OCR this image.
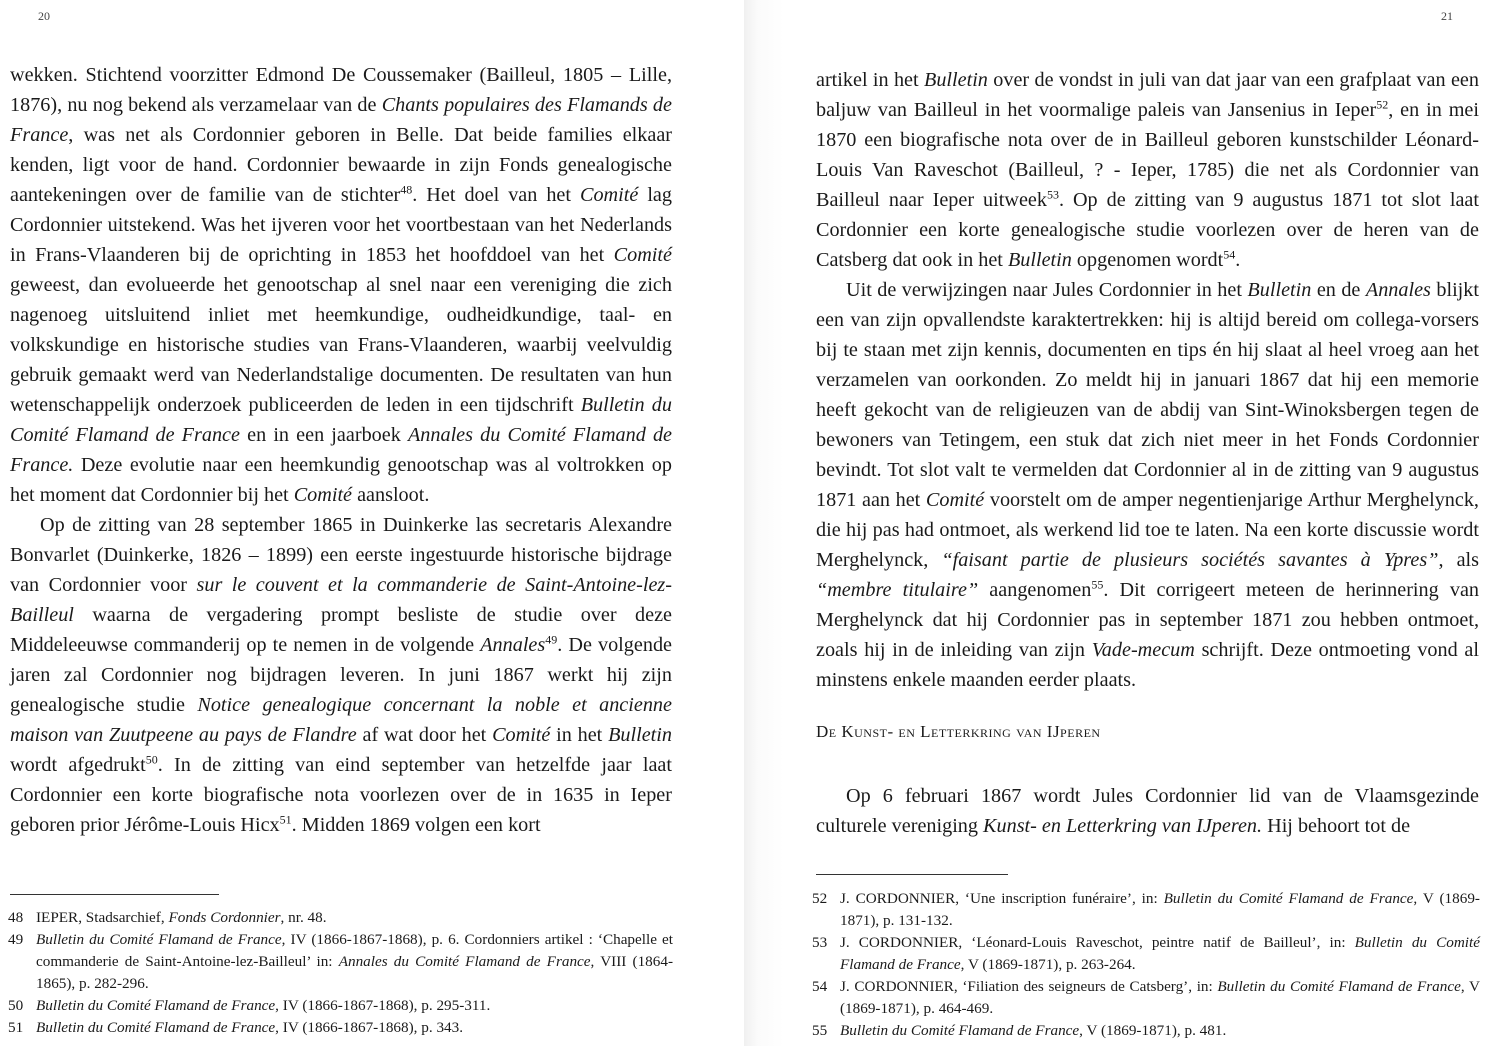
20

wekken. Stichtend voorzitter Edmond De Coussemaker (Bailleul, 1805 – Lille, 1876), nu nog bekend als verzamelaar van de Chants populaires des Flamands de France, was net als Cordonnier geboren in Belle. Dat beide families elkaar kenden, ligt voor de hand. Cordonnier bewaarde in zijn Fonds genealogische aantekeningen over de familie van de stichter$^{48}$. Het doel van het Comité lag Cordonnier uitstekend. Was het ijveren voor het voortbestaan van het Nederlands in Frans-Vlaanderen bij de oprichting in 1853 het hoofddoel van het Comité geweest, dan evolueerde het genootschap al snel naar een vereniging die zich nagenoeg uitsluitend inliet met heemkundige, oudheidkundige, taal- en volkskundige en historische studies van Frans-Vlaanderen, waarbij veelvuldig gebruik gemaakt werd van Nederlandstalige documenten. De resultaten van hun wetenschappelijk onderzoek publiceerden de leden in een tijdschrift Bulletin du Comité Flamand de France en in een jaarboek Annales du Comité Flamand de France. Deze evolutie naar een heemkundig genootschap was al voltrokken op het moment dat Cordonnier bij het Comité aansloot.

Op de zitting van 28 september 1865 in Duinkerke las secretaris Alexandre Bonvarlet (Duinkerke, 1826 – 1899) een eerste ingestuurde historische bijdrage van Cordonnier voor sur le couvent et la commanderie de Saint-Antoine-lez-Bailleul waarna de vergadering prompt besliste de studie over deze Middeleeuwse commanderij op te nemen in de volgende Annales$^{49}$. De volgende jaren zal Cordonnier nog bijdragen leveren. In juni 1867 werkt hij zijn genealogische studie Notice genealogique concernant la noble et ancienne maison van Zuutpeene au pays de Flandre af wat door het Comité in het Bulletin wordt afgedrukt$^{50}$. In de zitting van eind september van hetzelfde jaar laat Cordonnier een korte biografische nota voorlezen over de in 1635 in Ieper geboren prior Jérôme-Louis Hicx$^{51}$. Midden 1869 volgen een kort

48 IEPER, Stadsarchief, Fonds Cordonnier, nr. 48.
49 Bulletin du Comité Flamand de France, IV (1866-1867-1868), p. 6. Cordonniers artikel : ‘Chapelle et commanderie de Saint-Antoine-lez-Bailleul’ in: Annales du Comité Flamand de France, VIII (1864-1865), p. 282-296.
50 Bulletin du Comité Flamand de France, IV (1866-1867-1868), p. 295-311.
51 Bulletin du Comité Flamand de France, IV (1866-1867-1868), p. 343.
21

artikel in het Bulletin over de vondst in juli van dat jaar van een grafplaat van een baljuw van Bailleul in het voormalige paleis van Jansenius in Ieper$^{52}$, en in mei 1870 een biografische nota over de in Bailleul geboren kunstschilder Léonard-Louis Van Raveschot (Bailleul, ? - Ieper, 1785) die net als Cordonnier van Bailleul naar Ieper uitweek$^{53}$. Op de zitting van 9 augustus 1871 tot slot laat Cordonnier een korte genealogische studie voorlezen over de heren van de Catsberg dat ook in het Bulletin opgenomen wordt$^{54}$.

Uit de verwijzingen naar Jules Cordonnier in het Bulletin en de Annales blijkt een van zijn opvallendste karaktertrekken: hij is altijd bereid om collega-vorsers bij te staan met zijn kennis, documenten en tips én hij slaat al heel vroeg aan het verzamelen van oorkonden. Zo meldt hij in januari 1867 dat hij een memorie heeft gekocht van de religieuzen van de abdij van Sint-Winoksbergen tegen de bewoners van Tetingem, een stuk dat zich niet meer in het Fonds Cordonnier bevindt. Tot slot valt te vermelden dat Cordonnier al in de zitting van 9 augustus 1871 aan het Comité voorstelt om de amper negentienjarige Arthur Merghelynck, die hij pas had ontmoet, als werkend lid toe te laten. Na een korte discussie wordt Merghelynck, “faisant partie de plusieurs sociétés savantes à Ypres”, als “membre titulaire” aangenomen$^{55}$. Dit corrigeert meteen de herinnering van Merghelynck dat hij Cordonnier pas in september 1871 zou hebben ontmoet, zoals hij in de inleiding van zijn Vade-mecum schrijft. Deze ontmoeting vond al minstens enkele maanden eerder plaats.

De Kunst- en Letterkring van IJperen

Op 6 februari 1867 wordt Jules Cordonnier lid van de Vlaamsgezinde culturele vereniging Kunst- en Letterkring van IJperen. Hij behoort tot de

52 J. CORDONNIER, ‘Une inscription funéraire’, in: Bulletin du Comité Flamand de France, V (1869-1871), p. 131-132.
53 J. CORDONNIER, ‘Léonard-Louis Raveschot, peintre natif de Bailleul’, in: Bulletin du Comité Flamand de France, V (1869-1871), p. 263-264.
54 J. CORDONNIER, ‘Filiation des seigneurs de Catsberg’, in: Bulletin du Comité Flamand de France, V (1869-1871), p. 464-469.
55 Bulletin du Comité Flamand de France, V (1869-1871), p. 481.
